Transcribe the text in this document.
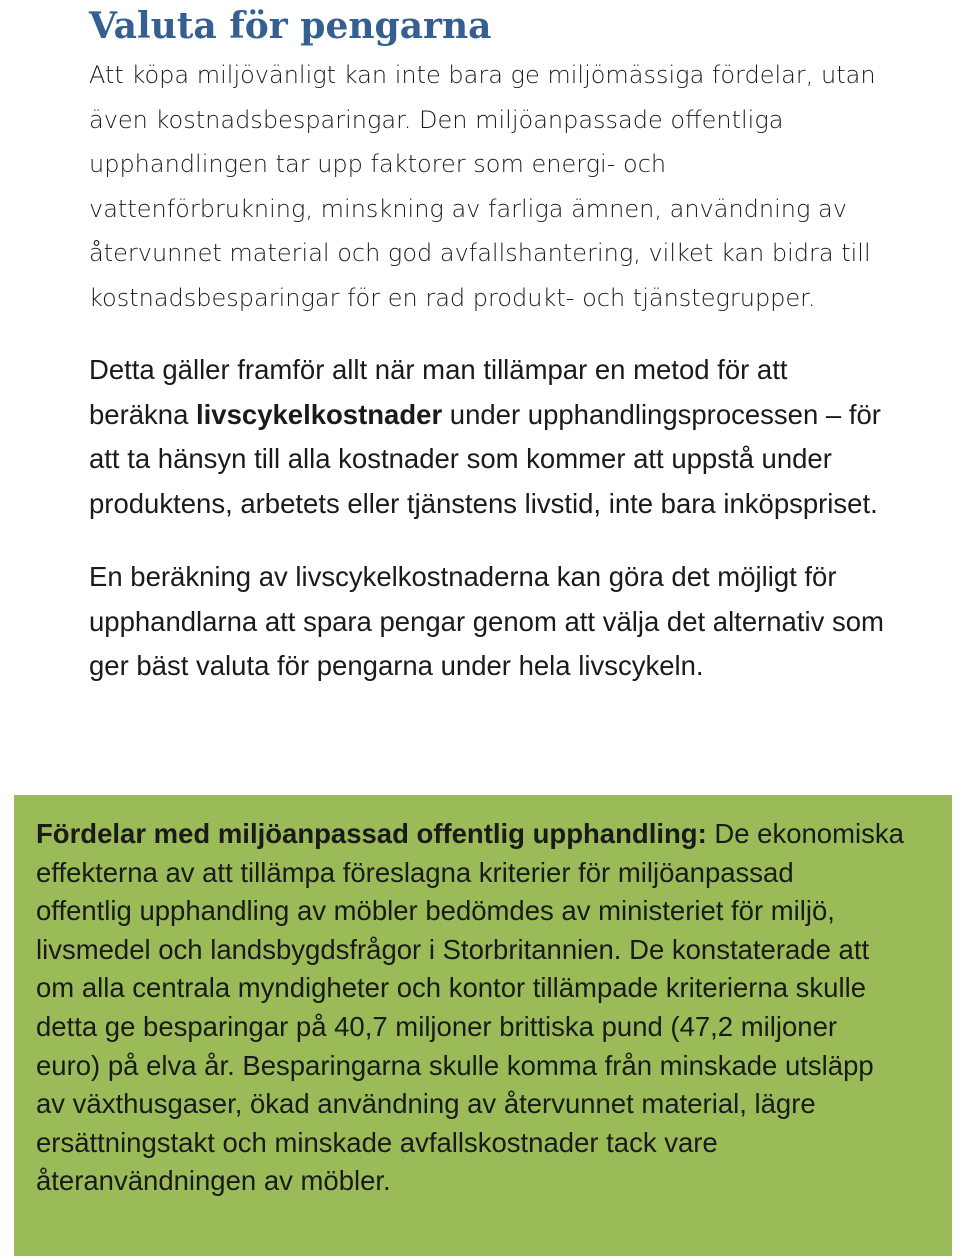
Valuta för pengarna

Att köpa miljövänligt kan inte bara ge miljömässiga fördelar, utan
även kostnadsbesparingar. Den miljöanpassade offentliga
upphandlingen tar upp faktorer som energi- och
vattenförbrukning, minskning av farliga ämnen, användning av
återvunnet material och god avfallshantering, vilket kan bidra till
kostnadsbesparingar för en rad produkt- och tjänstegrupper.

Detta gäller framför allt när man tillämpar en metod för att
beräkna livscykelkostnader under upphandlingsprocessen – för
att ta hänsyn till alla kostnader som kommer att uppstå under
produktens, arbetets eller tjänstens livstid, inte bara inköpspriset.

En beräkning av livscykelkostnaderna kan göra det möjligt för
upphandlarna att spara pengar genom att välja det alternativ som
ger bäst valuta för pengarna under hela livscykeln.

Fördelar med miljöanpassad offentlig upphandling: De ekonomiska
effekterna av att tillämpa föreslagna kriterier för miljöanpassad
offentlig upphandling av möbler bedömdes av ministeriet för miljö,
livsmedel och landsbygdsfrågor i Storbritannien. De konstaterade att
om alla centrala myndigheter och kontor tillämpade kriterierna skulle
detta ge besparingar på 40,7 miljoner brittiska pund (47,2 miljoner
euro) på elva år. Besparingarna skulle komma från minskade utsläpp
av växthusgaser, ökad användning av återvunnet material, lägre
ersättningstakt och minskade avfallskostnader tack vare
återanvändningen av möbler.
